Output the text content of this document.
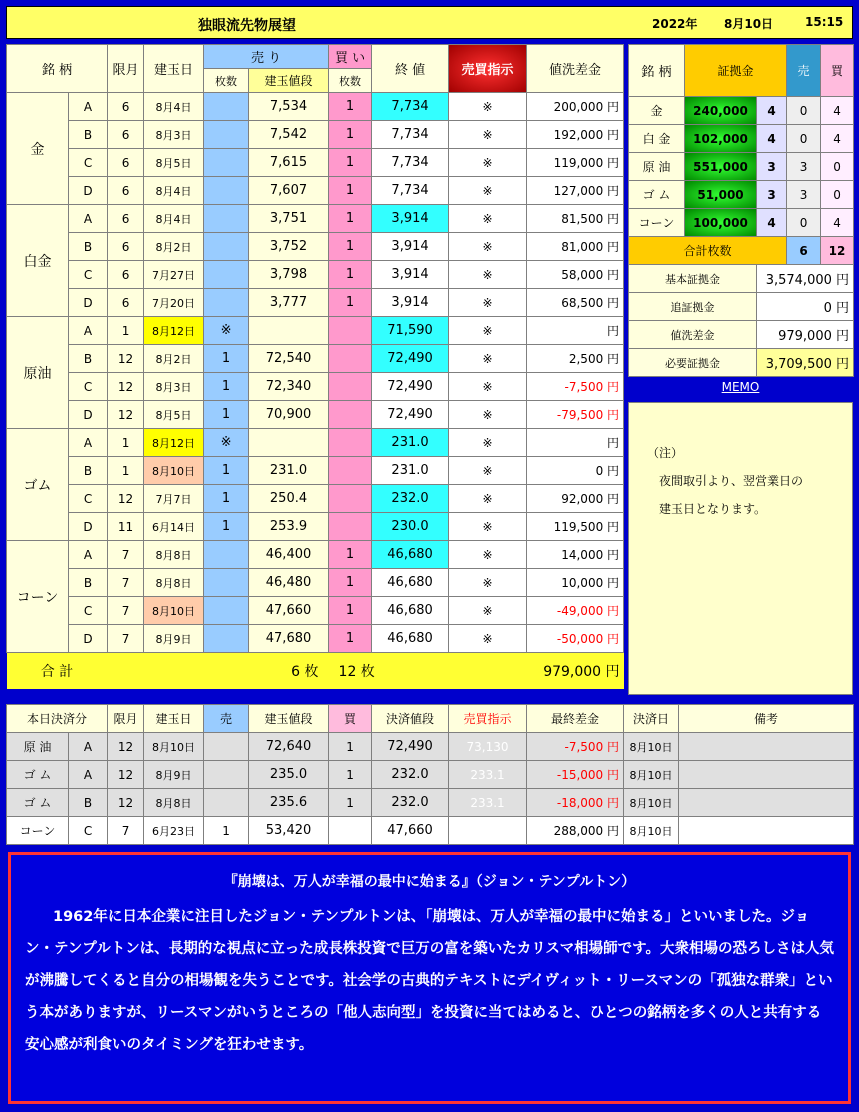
独眼流先物展望	2022年 8月10日	15:15
銘 柄		限月	建玉日	売 り		買 い	終 値	売買指示	値洗差金
				枚数	建玉値段	枚数			
金	A	6	8月4日		7,534	1	7,734	※	200,000 円
	B	6	8月3日		7,542	1	7,734	※	192,000 円
	C	6	8月5日		7,615	1	7,734	※	119,000 円
	D	6	8月4日		7,607	1	7,734	※	127,000 円
白金	A	6	8月4日		3,751	1	3,914	※	81,500 円
	B	6	8月2日		3,752	1	3,914	※	81,000 円
	C	6	7月27日		3,798	1	3,914	※	58,000 円
	D	6	7月20日		3,777	1	3,914	※	68,500 円
原油	A	1	8月12日	※			71,590	※	円
	B	12	8月2日	1	72,540		72,490	※	2,500 円
	C	12	8月3日	1	72,340		72,490	※	-7,500 円
	D	12	8月5日	1	70,900		72,490	※	-79,500 円
ゴム	A	1	8月12日	※			231.0	※	円
	B	1	8月10日	1	231.0		231.0	※	0 円
	C	12	7月7日	1	250.4		232.0	※	92,000 円
	D	11	6月14日	1	253.9		230.0	※	119,500 円
コーン	A	7	8月8日		46,400	1	46,680	※	14,000 円
	B	7	8月8日		46,480	1	46,680	※	10,000 円
	C	7	8月10日		47,660	1	46,680	※	-49,000 円
	D	7	8月9日		47,680	1	46,680	※	-50,000 円
合 計		6 枚				12 枚		979,000 円	
銘 柄	証拠金		売	買
金	240,000	4	0	4
白 金	102,000	4	0	4
原 油	551,000	3	3	0
ゴ ム	51,000	3	3	0
コーン	100,000	4	0	4
合計枚数			6	12
基本証拠金		3,574,000 円		
追証拠金		0 円		
値洗差金		979,000 円		
必要証拠金		3,709,500 円		
MEMO
（注）
　夜間取引より、翌営業日の
　建玉日となります。
本日決済分		限月	建玉日	売	建玉値段	買	決済値段	売買指示	最終差金	決済日	備考
原 油	A	12	8月10日		72,640	1	72,490	73,130	-7,500 円	8月10日	
ゴ ム	A	12	8月9日		235.0	1	232.0	233.1	-15,000 円	8月10日	
ゴ ム	B	12	8月8日		235.6	1	232.0	233.1	-18,000 円	8月10日	
コーン	C	7	6月23日	1	53,420		47,660	MO	288,000 円	8月10日	
『崩壊は、万人が幸福の最中に始まる』（ジョン・テンプルトン）

1962年に日本企業に注目したジョン・テンプルトンは、「崩壊は、万人が幸福の最中に始まる」といいました。ジョン・テンプルトンは、長期的な視点に立った成長株投資で巨万の富を築いたカリスマ相場師です。大衆相場の恐ろしさは人気が沸騰してくると自分の相場観を失うことです。社会学の古典的テキストにデイヴィット・リースマンの「孤独な群衆」という本がありますが、リースマンがいうところの「他人志向型」を投資に当てはめると、ひとつの銘柄を多くの人と共有する安心感が利食いのタイミングを狂わせます。
